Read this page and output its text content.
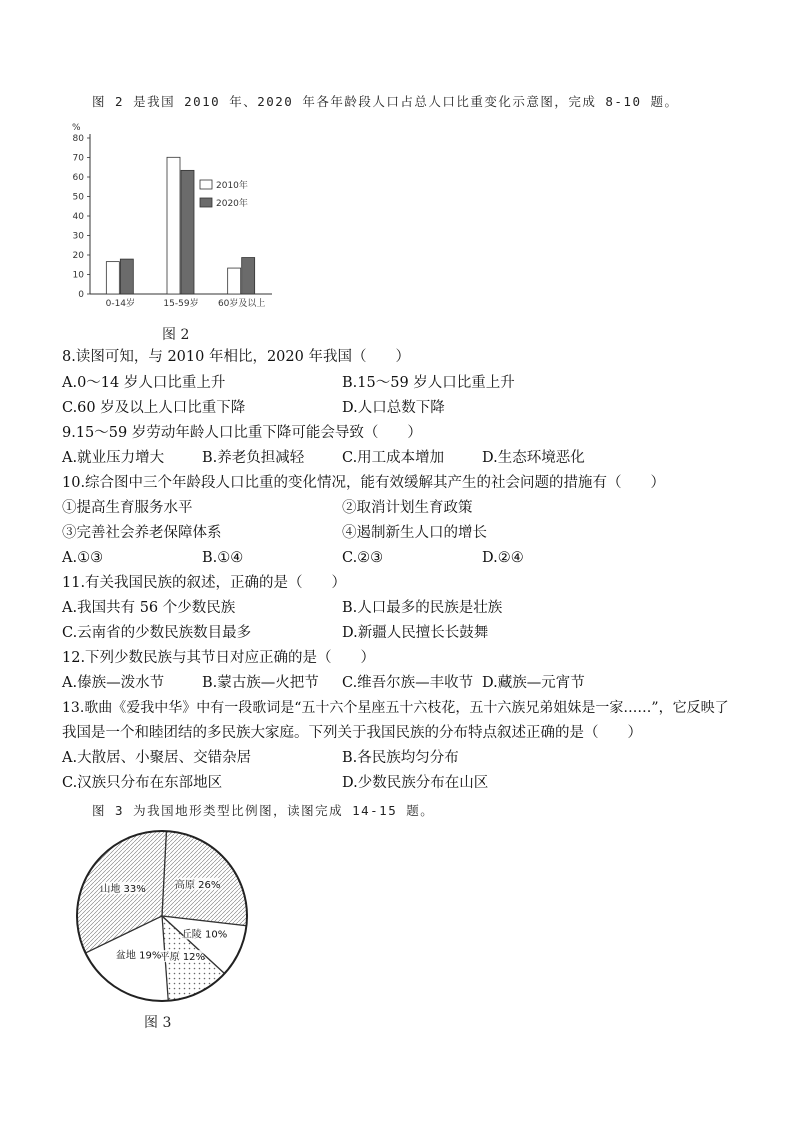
图 2 是我国 2010 年、2020 年各年龄段人口占总人口比重变化示意图，完成 8-10 题。
%
0
10
20
30
40
50
60
70
80
0-14岁	15-59岁 60岁及以上
2010年
2020年
图 2
8.读图可知，与 2010 年相比，2020 年我国（　　）
A.0～14 岁人口比重上升	B.15～59 岁人口比重上升
C.60 岁及以上人口比重下降	D.人口总数下降
9.15～59 岁劳动年龄人口比重下降可能会导致（　　）
A.就业压力增大	B.养老负担减轻	C.用工成本增加	D.生态环境恶化
10.综合图中三个年龄段人口比重的变化情况，能有效缓解其产生的社会问题的措施有（　　）
①提高生育服务水平	②取消计划生育政策
③完善社会养老保障体系	④遏制新生人口的增长
A.①③	B.①④	C.②③	D.②④
11.有关我国民族的叙述，正确的是（　　）
A.我国共有 56 个少数民族	B.人口最多的民族是壮族
C.云南省的少数民族数目最多	D.新疆人民擅长长鼓舞
12.下列少数民族与其节日对应正确的是（　　）
A.傣族—泼水节	B.蒙古族—火把节 C.维吾尔族—丰收节 D.藏族—元宵节
13.歌曲《爱我中华》中有一段歌词是“五十六个星座五十六枝花，五十六族兄弟姐妹是一家……”，它反映了
我国是一个和睦团结的多民族大家庭。下列关于我国民族的分布特点叙述正确的是（　　）
A.大散居、小聚居、交错杂居	B.各民族均匀分布
C.汉族只分布在东部地区	D.少数民族分布在山区
图 3 为我国地形类型比例图，读图完成 14-15 题。
高原 26%
丘陵 10%
平原 12%
盆地 19%
山地 33%
图 3
